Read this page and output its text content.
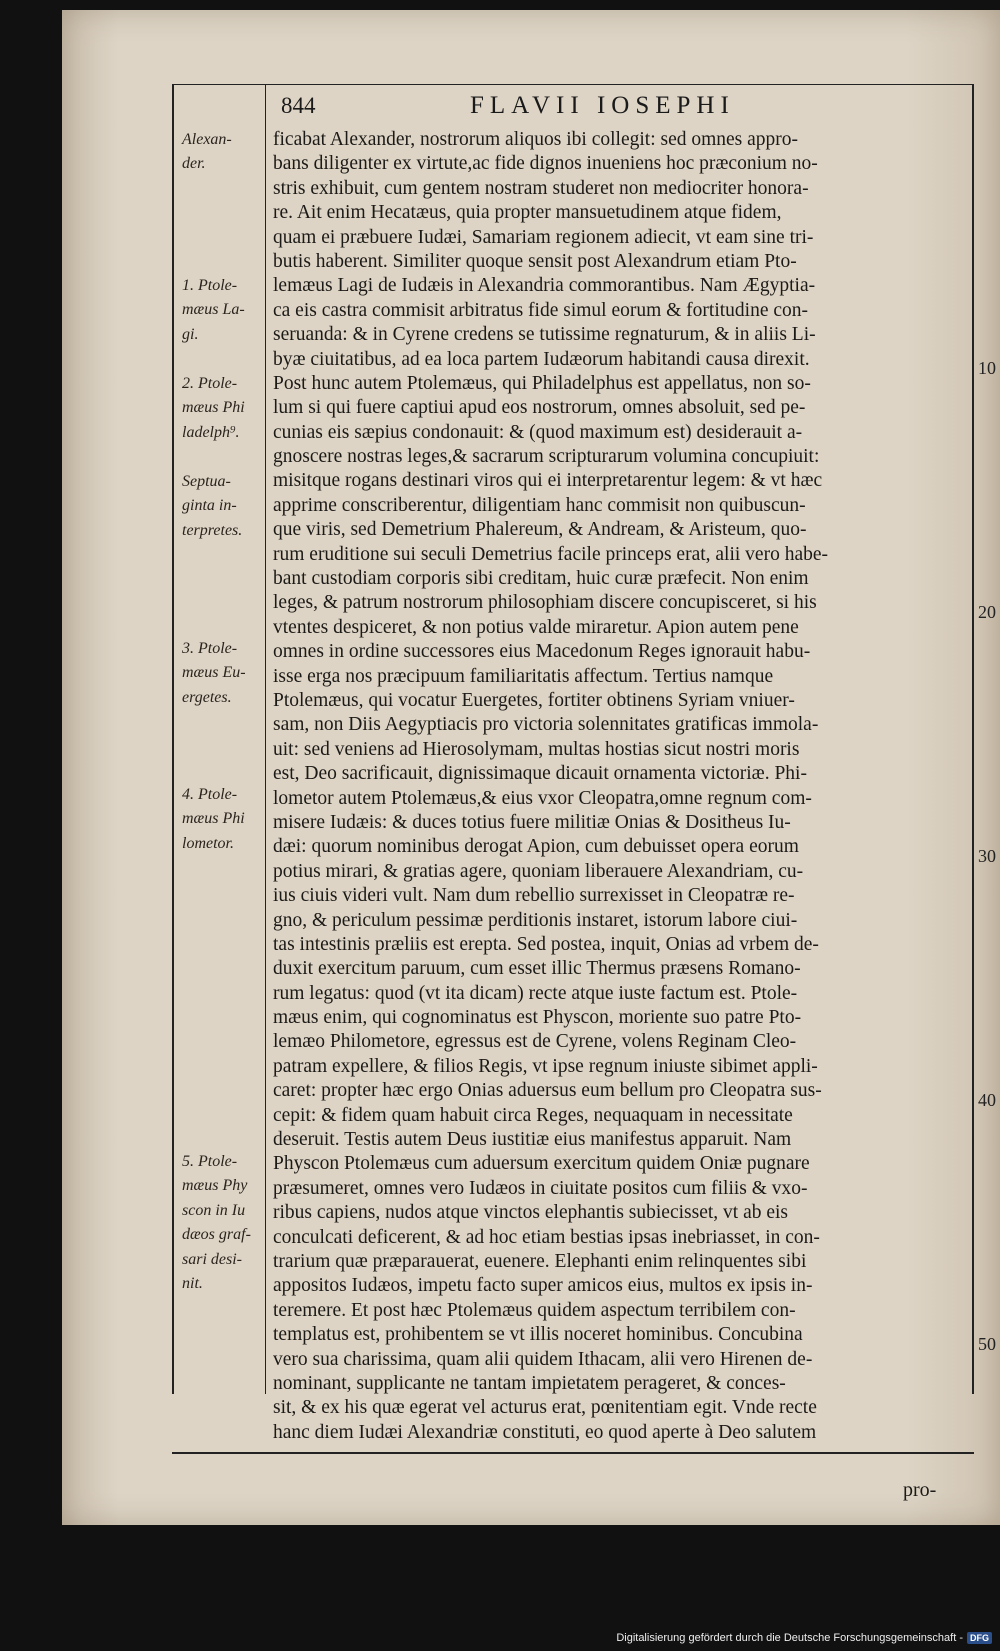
844	FLAVII IOSEPHI
ficabat Alexander, nostrorum aliquos ibi collegit: sed omnes appro-
bans diligenter ex virtute,ac fide dignos inueniens hoc præconium no-
stris exhibuit, cum gentem nostram studeret non mediocriter honora-
re. Ait enim Hecatæus, quia propter mansuetudinem atque fidem,
quam ei præbuere Iudæi, Samariam regionem adiecit, vt eam sine tri-
butis haberent. Similiter quoque sensit post Alexandrum etiam Pto-
lemæus Lagi de Iudæis in Alexandria commorantibus. Nam Ægyptia-
ca eis castra commisit arbitratus fide simul eorum & fortitudine con-
seruanda: & in Cyrene credens se tutissime regnaturum, & in aliis Li-
byæ ciuitatibus, ad ea loca partem Iudæorum habitandi causa direxit.
Post hunc autem Ptolemæus, qui Philadelphus est appellatus, non so-
lum si qui fuere captiui apud eos nostrorum, omnes absoluit, sed pe-
cunias eis sæpius condonauit: & (quod maximum est) desiderauit a-
gnoscere nostras leges,& sacrarum scripturarum volumina concupiuit:
misitque rogans destinari viros qui ei interpretarentur legem: & vt hæc
apprime conscriberentur, diligentiam hanc commisit non quibuscun-
que viris, sed Demetrium Phalereum, & Andream, & Aristeum, quo-
rum eruditione sui seculi Demetrius facile princeps erat, alii vero habe-
bant custodiam corporis sibi creditam, huic curæ præfecit. Non enim
leges, & patrum nostrorum philosophiam discere concupisceret, si his
vtentes despiceret, & non potius valde miraretur. Apion autem pene
omnes in ordine successores eius Macedonum Reges ignorauit habu-
isse erga nos præcipuum familiaritatis affectum. Tertius namque
Ptolemæus, qui vocatur Euergetes, fortiter obtinens Syriam vniuer-
sam, non Diis Aegyptiacis pro victoria solennitates gratificas immola-
uit: sed veniens ad Hierosolymam, multas hostias sicut nostri moris
est, Deo sacrificauit, dignissimaque dicauit ornamenta victoriæ. Phi-
lometor autem Ptolemæus,& eius vxor Cleopatra,omne regnum com-
misere Iudæis: & duces totius fuere militiæ Onias & Dositheus Iu-
dæi: quorum nominibus derogat Apion, cum debuisset opera eorum
potius mirari, & gratias agere, quoniam liberauere Alexandriam, cu-
ius ciuis videri vult. Nam dum rebellio surrexisset in Cleopatræ re-
gno, & periculum pessimæ perditionis instaret, istorum labore ciui-
tas intestinis præliis est erepta. Sed postea, inquit, Onias ad vrbem de-
duxit exercitum paruum, cum esset illic Thermus præsens Romano-
rum legatus: quod (vt ita dicam) recte atque iuste factum est. Ptole-
mæus enim, qui cognominatus est Physcon, moriente suo patre Pto-
lemæo Philometore, egressus est de Cyrene, volens Reginam Cleo-
patram expellere, & filios Regis, vt ipse regnum iniuste sibimet appli-
caret: propter hæc ergo Onias aduersus eum bellum pro Cleopatra sus-
cepit: & fidem quam habuit circa Reges, nequaquam in necessitate
deseruit. Testis autem Deus iustitiæ eius manifestus apparuit. Nam
Physcon Ptolemæus cum aduersum exercitum quidem Oniæ pugnare
præsumeret, omnes vero Iudæos in ciuitate positos cum filiis & vxo-
ribus capiens, nudos atque vinctos elephantis subiecisset, vt ab eis
conculcati deficerent, & ad hoc etiam bestias ipsas inebriasset, in con-
trarium quæ præparauerat, euenere. Elephanti enim relinquentes sibi
appositos Iudæos, impetu facto super amicos eius, multos ex ipsis in-
teremere. Et post hæc Ptolemæus quidem aspectum terribilem con-
templatus est, prohibentem se vt illis noceret hominibus. Concubina
vero sua charissima, quam alii quidem Ithacam, alii vero Hirenen de-
nominant, supplicante ne tantam impietatem perageret, & conces-
sit, & ex his quæ egerat vel acturus erat, pœnitentiam egit. Vnde recte
hanc diem Iudæi Alexandriæ constituti, eo quod aperte à Deo salutem
Alexan-
der.
1. Ptole-
mæus La-
gi.
2. Ptole-
mæus Phi
ladelph⁹.
Septua-
ginta in-
terpretes.
3. Ptole-
mæus Eu-
ergetes.
4. Ptole-
mæus Phi
lometor.
5. Ptole-
mæus Phy
scon in Iu
dæos graf-
sari desi-
nit.
10
20
30
40
50
pro-
Digitalisierung gefördert durch die Deutsche Forschungsgemeinschaft - DFG
